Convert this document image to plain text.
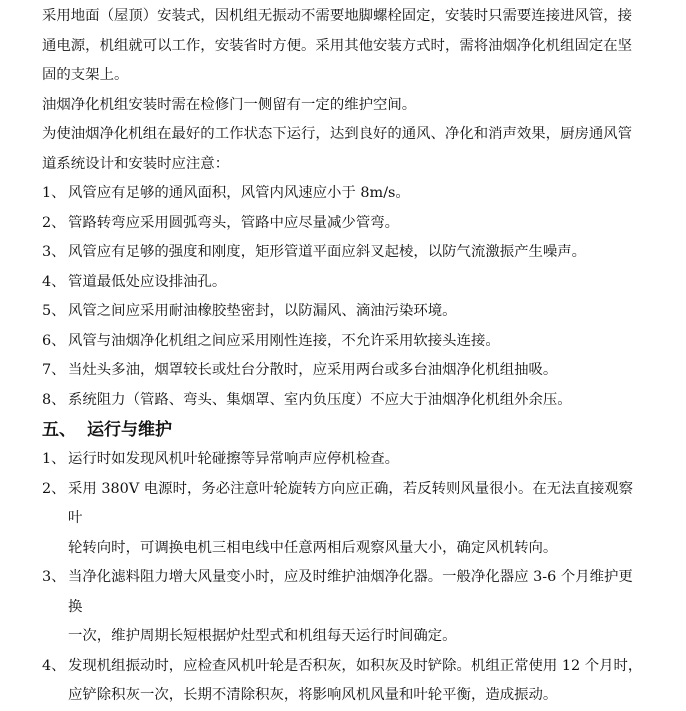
采用地面（屋顶）安装式，因机组无振动不需要地脚螺栓固定，安装时只需要连接进风管，接

通电源，机组就可以工作，安装省时方便。采用其他安装方式时，需将油烟净化机组固定在坚

固的支架上。

油烟净化机组安装时需在检修门一侧留有一定的维护空间。

为使油烟净化机组在最好的工作状态下运行，达到良好的通风、净化和消声效果，厨房通风管

道系统设计和安装时应注意：

1、 风管应有足够的通风面积，风管内风速应小于 8m/s。

2、 管路转弯应采用圆弧弯头，管路中应尽量减少管弯。

3、 风管应有足够的强度和刚度，矩形管道平面应斜叉起棱，以防气流激振产生噪声。

4、 管道最低处应设排油孔。

5、 风管之间应采用耐油橡胶垫密封，以防漏风、滴油污染环境。

6、 风管与油烟净化机组之间应采用刚性连接，不允许采用软接头连接。

7、 当灶头多油，烟罩较长或灶台分散时，应采用两台或多台油烟净化机组抽吸。

8、 系统阻力（管路、弯头、集烟罩、室内负压度）不应大于油烟净化机组外余压。

五、 运行与维护

1、 运行时如发现风机叶轮碰擦等异常响声应停机检查。

2、 采用 380V 电源时，务必注意叶轮旋转方向应正确，若反转则风量很小。在无法直接观察叶

轮转向时，可调换电机三相电线中任意两相后观察风量大小，确定风机转向。

3、 当净化滤料阻力增大风量变小时，应及时维护油烟净化器。一般净化器应 3-6 个月维护更换

一次，维护周期长短根据炉灶型式和机组每天运行时间确定。

4、 发现机组振动时，应检查风机叶轮是否积灰，如积灰及时铲除。机组正常使用 12 个月时，

应铲除积灰一次，长期不清除积灰，将影响风机风量和叶轮平衡，造成振动。
